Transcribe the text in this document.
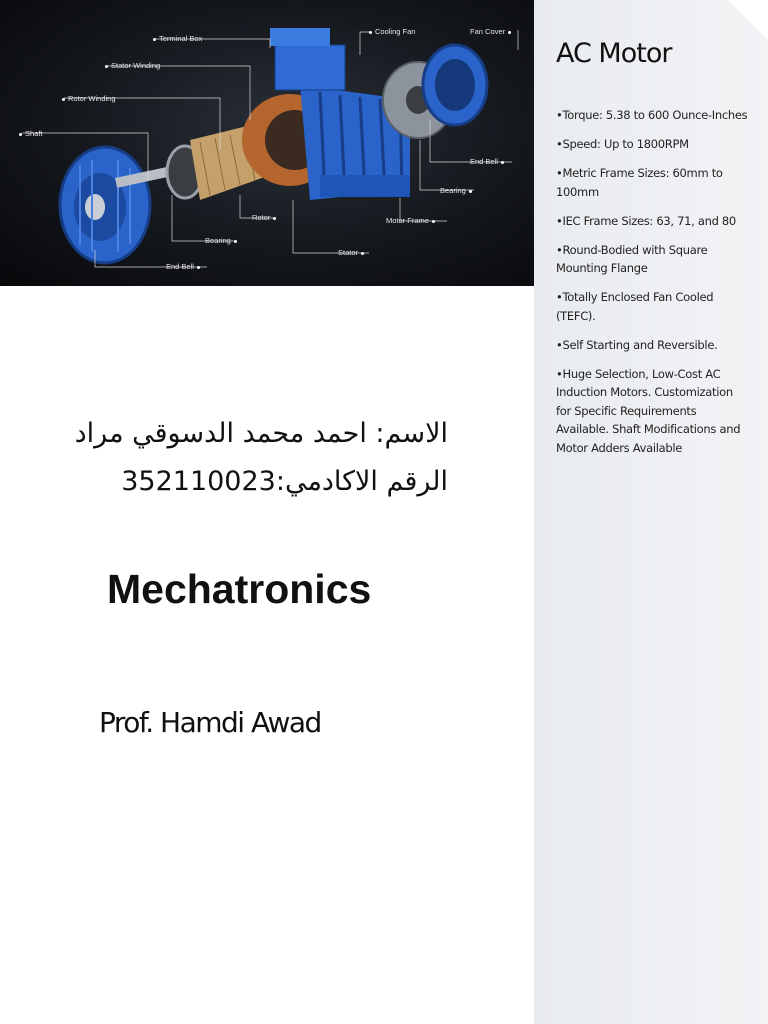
Terminal Box
Cooling Fan	Fan Cover
Stator Winding
Rotor Winding
Shaft
End Bell
Bearing
Rotor	Motor Frame
Bearing
Stator
End Bell
AC Motor
•Torque: 5.38 to 600 Ounce-Inches
•Speed: Up to 1800RPM
•Metric Frame Sizes: 60mm to 100mm
•IEC Frame Sizes: 63, 71, and 80
•Round-Bodied with Square Mounting Flange
•Totally Enclosed Fan Cooled (TEFC).
•Self Starting and Reversible.
•Huge Selection, Low-Cost AC Induction Motors. Customization for Specific Requirements Available. Shaft Modifications and Motor Adders Available
الاسم: احمد محمد الدسوقي مراد
الرقم الاكادمي:352110023
Mechatronics
Prof. Hamdi Awad
